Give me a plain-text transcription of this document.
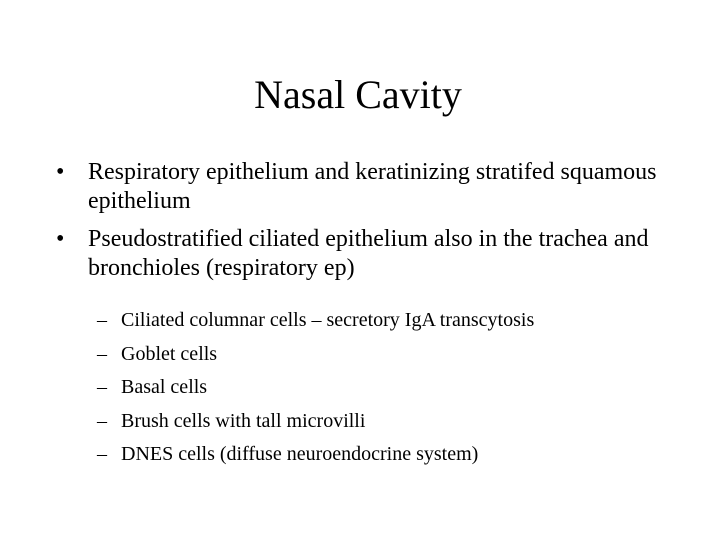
Nasal Cavity
• Respiratory epithelium and keratinizing stratifed squamous epithelium
• Pseudostratified ciliated epithelium also in the trachea and bronchioles (respiratory ep)
– Ciliated columnar cells – secretory IgA transcytosis
– Goblet cells
– Basal cells
– Brush cells with tall microvilli
– DNES cells (diffuse neuroendocrine system)
